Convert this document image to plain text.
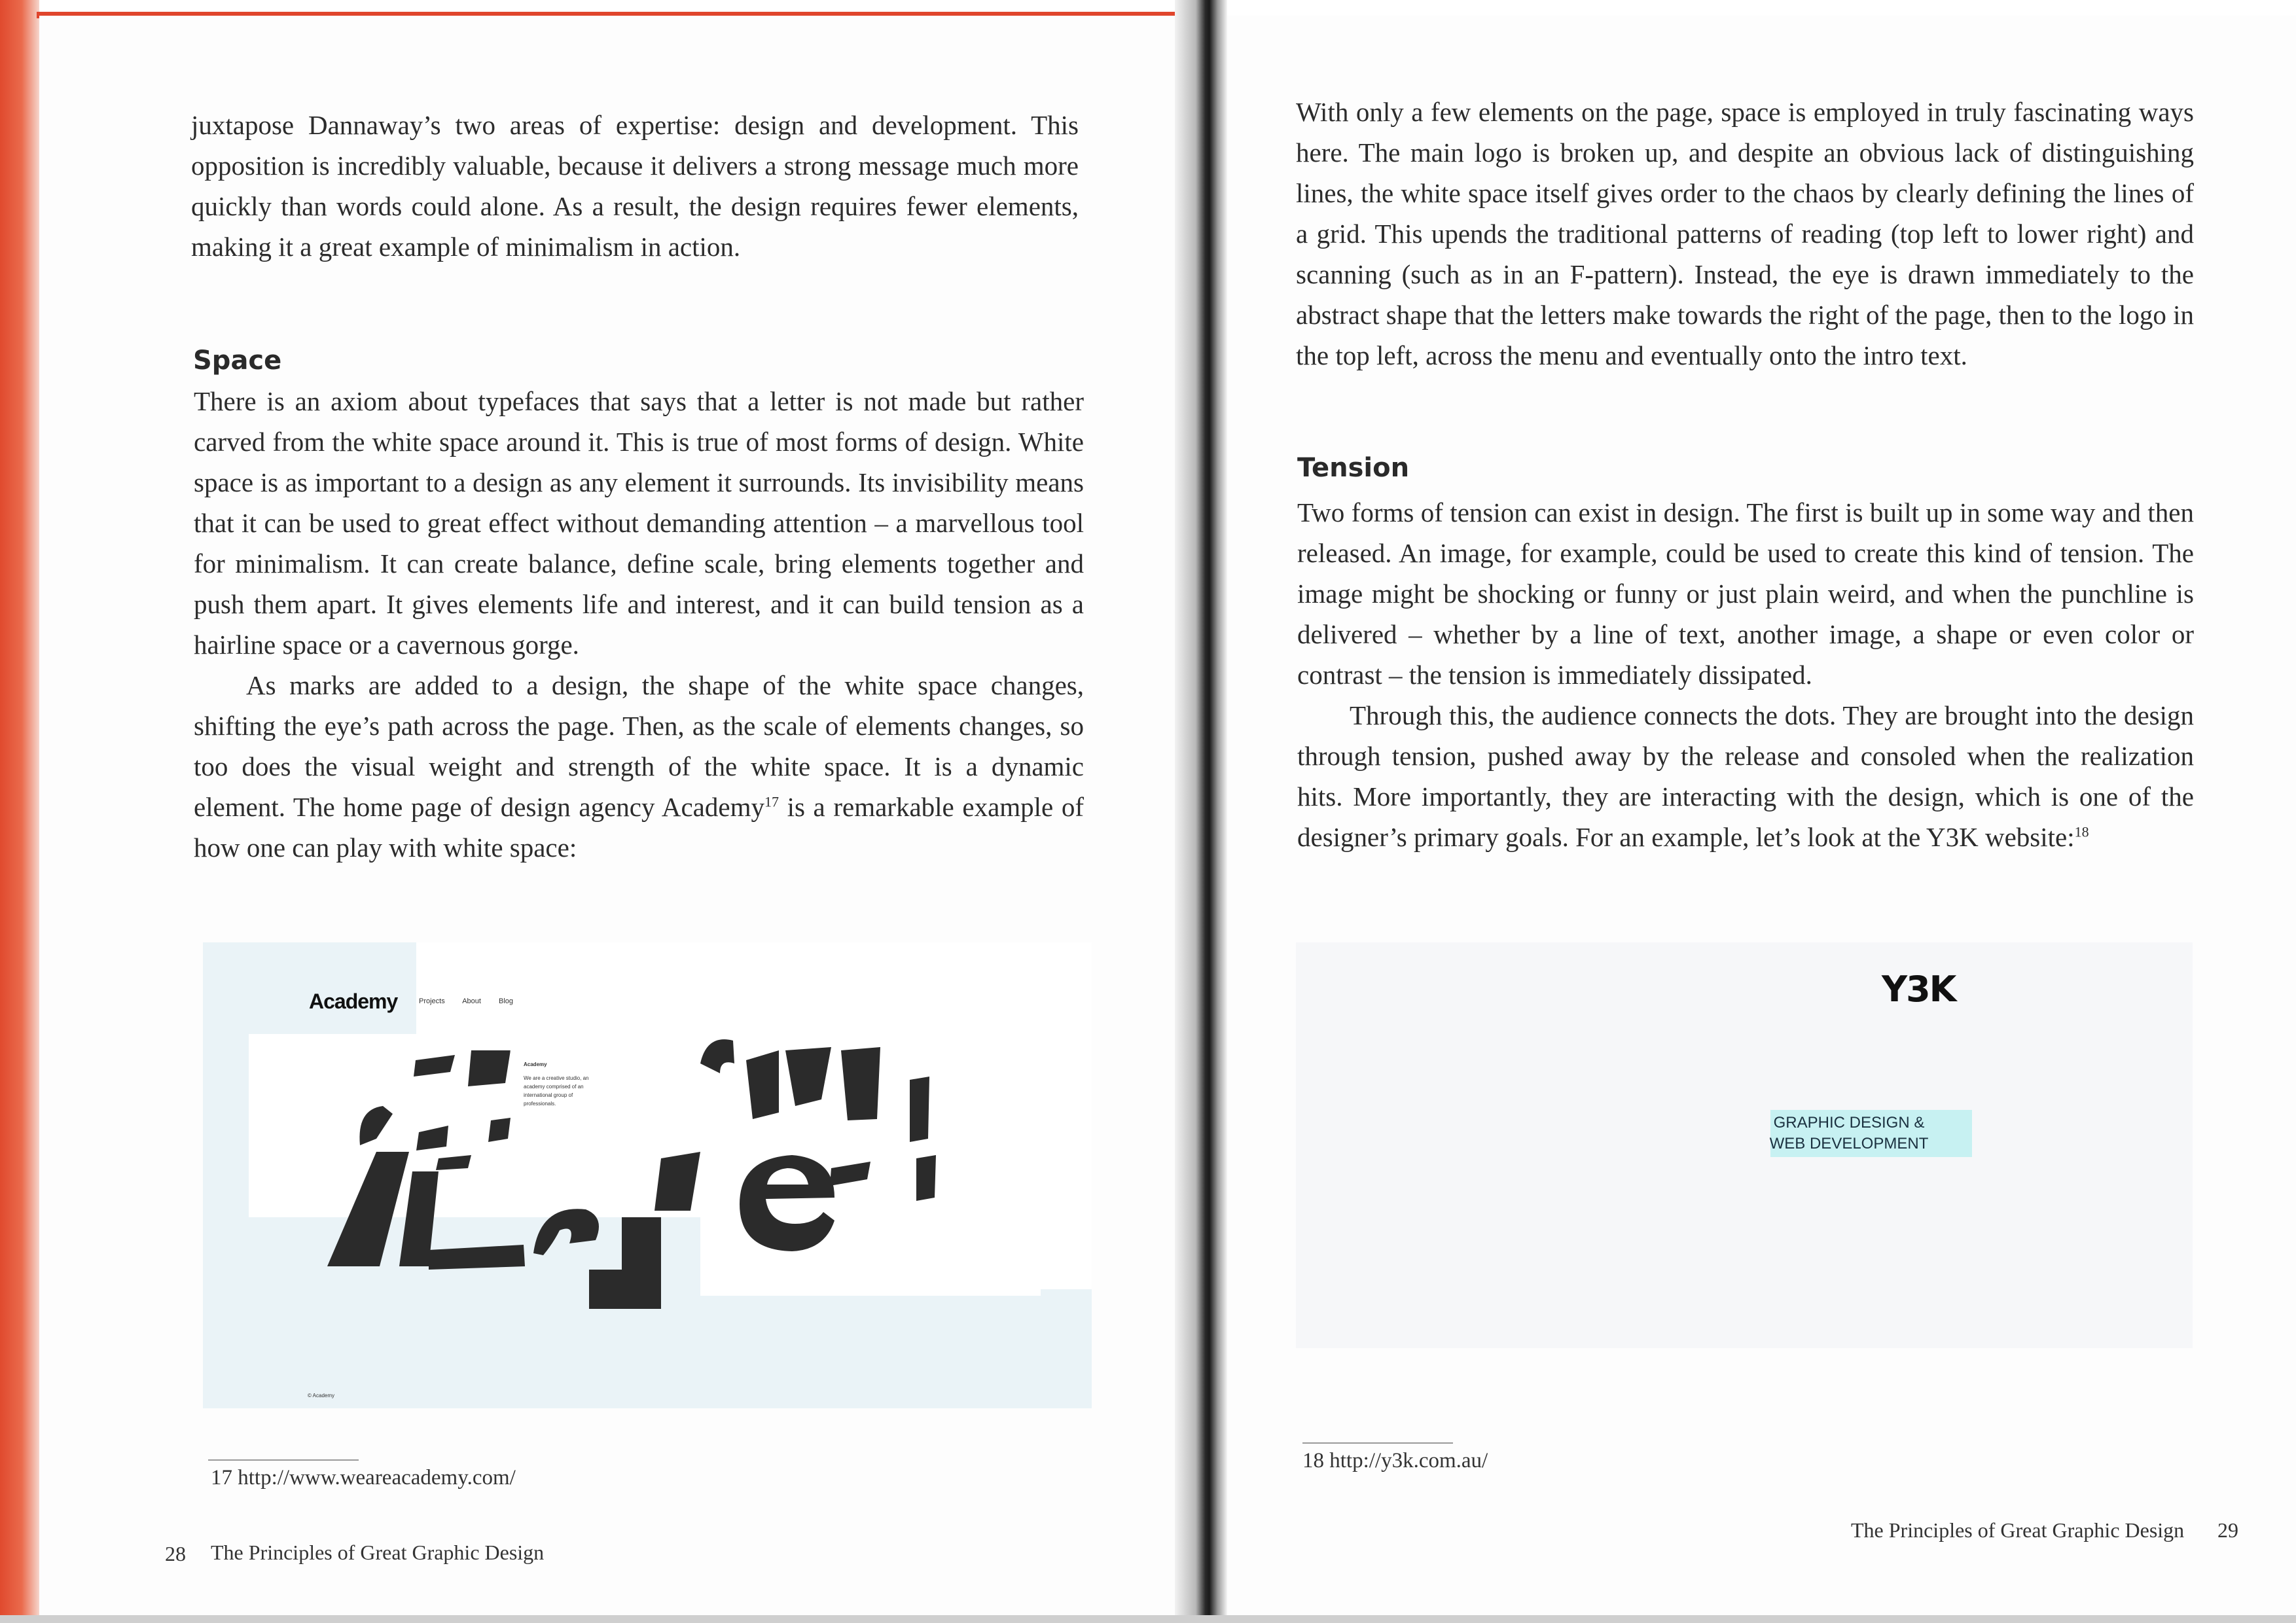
juxtapose Dannaway’s two areas of expertise: design and development. This opposition is incredibly valuable, because it delivers a strong message much more quickly than words could alone. As a result, the design requires fewer elements, making it a great example of minimalism in action.

Space

There is an axiom about typefaces that says that a letter is not made but rather carved from the white space around it. This is true of most forms of design. White space is as important to a design as any element it surrounds. Its invisibility means that it can be used to great effect without demanding attention – a marvellous tool for minimalism. It can create balance, define scale, bring elements together and push them apart. It gives elements life and interest, and it can build tension as a hairline space or a cavernous gorge.

As marks are added to a design, the shape of the white space changes, shifting the eye’s path across the page. Then, as the scale of elements changes, so too does the visual weight and strength of the white space. It is a dynamic element. The home page of design agency Academy$^{17}$ is a remarkable example of how one can play with white space:

Academy	Projects About Blog
Academy
We are a creative studio, an academy comprised of an international group of professionals.
© Academy
17 http://www.weareacademy.com/
28 The Principles of Great Graphic Design

With only a few elements on the page, space is employed in truly fascinating ways here. The main logo is broken up, and despite an obvious lack of distinguishing lines, the white space itself gives order to the chaos by clearly defining the lines of a grid. This upends the traditional patterns of reading (top left to lower right) and scanning (such as in an F-pattern). Instead, the eye is drawn immediately to the abstract shape that the letters make towards the right of the page, then to the logo in the top left, across the menu and eventually onto the intro text.

Tension

Two forms of tension can exist in design. The first is built up in some way and then released. An image, for example, could be used to create this kind of tension. The image might be shocking or funny or just plain weird, and when the punchline is delivered – whether by a line of text, another image, a shape or even color or contrast – the tension is immediately dissipated.

Through this, the audience connects the dots. They are brought into the design through tension, pushed away by the release and consoled when the realization hits. More importantly, they are interacting with the design, which is one of the designer’s primary goals. For an example, let’s look at the Y3K website:$^{18}$

Y3K
GRAPHIC DESIGN &
WEB DEVELOPMENT
18 http://y3k.com.au/
The Principles of Great Graphic Design 29
